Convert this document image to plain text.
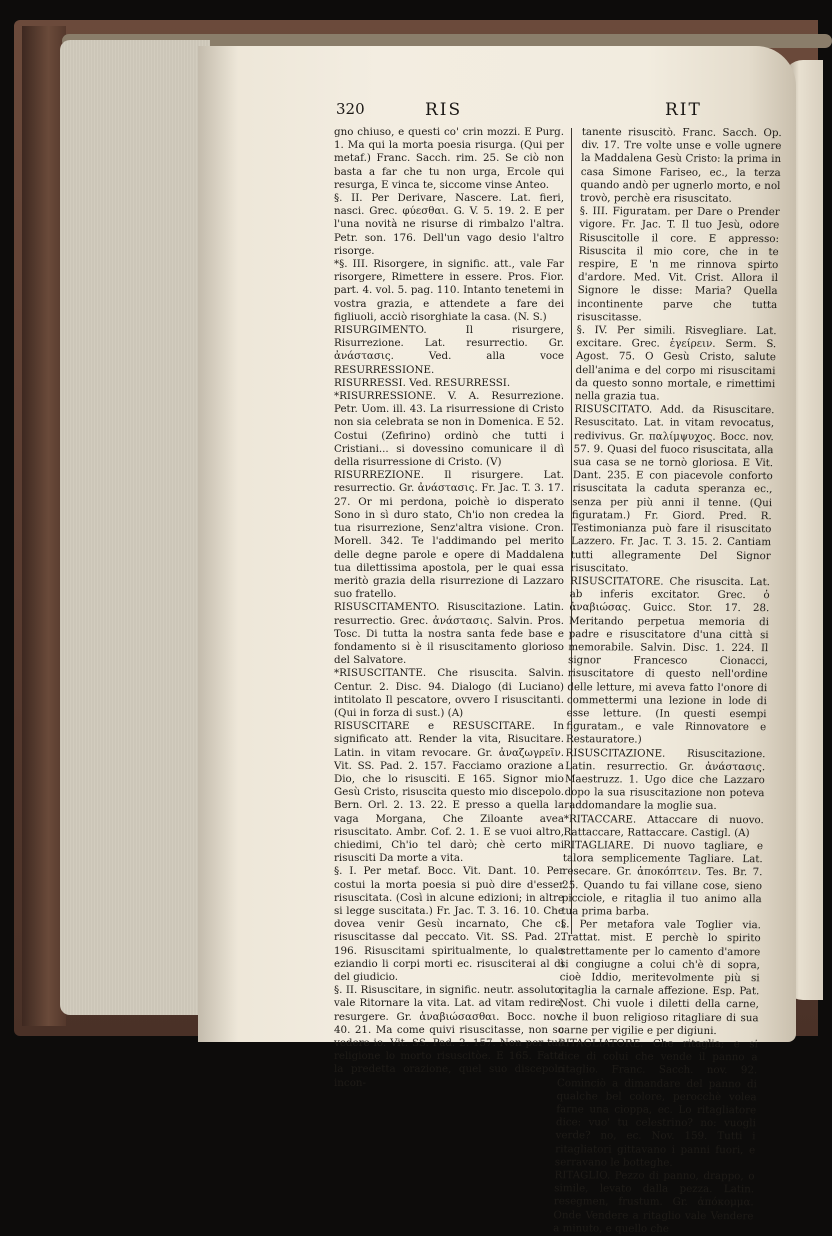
320	RIS	RIT

gno chiuso, e questi co' crin mozzi. E Purg. 1. Ma qui la morta poesia risurga. (Qui per metaf.) Franc. Sacch. rim. 25. Se ciò non basta a far che tu non urga, Ercole qui resurga, E vinca te, siccome vinse Anteo.

§. II. Per Derivare, Nascere. Lat. fieri, nasci. Grec. φύεσθαι. G. V. 5. 19. 2. E per l'una novità ne risurse di rimbalzo l'altra. Petr. son. 176. Dell'un vago desio l'altro risorge.

*§. III. Risorgere, in signific. att., vale Far risorgere, Rimettere in essere. Pros. Fior. part. 4. vol. 5. pag. 110. Intanto tenetemi in vostra grazia, e attendete a fare dei figliuoli, acciò risorghiate la casa. (N. S.)

RISURGIMENTO. Il risurgere, Risurrezione. Lat. resurrectio. Gr. ἀνάστασις. Ved. alla voce RESURRESSIONE.

RISURRESSI. Ved. RESURRESSI.

*RISURRESSIONE. V. A. Resurrezione. Petr. Uom. ill. 43. La risurressione di Cristo non sia celebrata se non in Domenica. E 52. Costui (Zefirino) ordinò che tutti i Cristiani... si dovessino comunicare il dì della risurressione di Cristo. (V)

RISURREZIONE. Il risurgere. Lat. resurrectio. Gr. ἀνάστασις. Fr. Jac. T. 3. 17. 27. Or mi perdona, poichè io disperato Sono in sì duro stato, Ch'io non credea la tua risurrezione, Senz'altra visione. Cron. Morell. 342. Te l'addimando pel merito delle degne parole e opere di Maddalena tua dilettissima apostola, per le quai essa meritò grazia della risurrezione di Lazzaro suo fratello.

RISUSCITAMENTO. Risuscitazione. Latin. resurrectio. Grec. ἀνάστασις. Salvin. Pros. Tosc. Di tutta la nostra santa fede base e fondamento si è il risuscitamento glorioso del Salvatore.

*RISUSCITANTE. Che risuscita. Salvin. Centur. 2. Disc. 94. Dialogo (di Luciano) intitolato Il pescatore, ovvero I risuscitanti. (Qui in forza di sust.) (A)

RISUSCITARE e RESUSCITARE. In significato att. Render la vita, Risucitare. Latin. in vitam revocare. Gr. ἀναζωγρεῖν. Vit. SS. Pad. 2. 157. Facciamo orazione a Dio, che lo risusciti. E 165. Signor mio Gesù Cristo, risuscita questo mio discepolo. Bern. Orl. 2. 13. 22. E presso a quella la vaga Morgana, Che Ziloante avea risuscitato. Ambr. Cof. 2. 1. E se vuoi altro, chiedimi, Ch'io tel darò; chè certo mi risusciti Da morte a vita.

§. I. Per metaf. Bocc. Vit. Dant. 10. Per costui la morta poesia si può dire d'esser risuscitata. (Così in alcune edizioni; in altre si legge suscitata.) Fr. Jac. T. 3. 16. 10. Che dovea venir Gesù incarnato, Che ci risuscitasse dal peccato. Vit. SS. Pad. 2. 196. Risuscitami spiritualmente, lo quale eziandio li corpi morti ec. risusciterai al dì del giudicio.

§. II. Risuscitare, in signific. neutr. assoluto, vale Ritornare la vita. Lat. ad vitam redire, resurgere. Gr. ἀναβιώσασθαι. Bocc. nov. 40. 21. Ma come quivi risuscitasse, non so vedere io. Vit. SS. Pad. 2. 157. Non per tua religione lo morto risuscitòe. E 165. Fatta la predetta orazione, quel suo discepolo incon-

tanente risuscitò. Franc. Sacch. Op. div. 17. Tre volte unse e volle ugnere la Maddalena Gesù Cristo: la prima in casa Simone Fariseo, ec., la terza quando andò per ugnerlo morto, e nol trovò, perchè era risuscitato.

§. III. Figuratam. per Dare o Prender vigore. Fr. Jac. T. Il tuo Jesù, odore Risuscitolle il core. E appresso: Risuscita il mio core, che in te respire, E 'n me rinnova spirto d'ardore. Med. Vit. Crist. Allora il Signore le disse: Maria? Quella incontinente parve che tutta risuscitasse.

§. IV. Per simili. Risvegliare. Lat. excitare. Grec. ἐγείρειν. Serm. S. Agost. 75. O Gesù Cristo, salute dell'anima e del corpo mi risuscitami da questo sonno mortale, e rimettimi nella grazia tua.

RISUSCITATO. Add. da Risuscitare. Resuscitato. Lat. in vitam revocatus, redivivus. Gr. παλίμψυχος. Bocc. nov. 57. 9. Quasi del fuoco risuscitata, alla sua casa se ne tornò gloriosa. E Vit. Dant. 235. E con piacevole conforto risuscitata la caduta speranza ec., senza per più anni il tenne. (Qui figuratam.) Fr. Giord. Pred. R. Testimonianza può fare il risuscitato Lazzero. Fr. Jac. T. 3. 15. 2. Cantiam tutti allegramente Del Signor risuscitato.

RISUSCITATORE. Che risuscita. Lat. ab inferis excitator. Grec. ὁ ἀναβιώσας. Guicc. Stor. 17. 28. Meritando perpetua memoria di padre e risuscitatore d'una città si memorabile. Salvin. Disc. 1. 224. Il signor Francesco Cionacci, risuscitatore di questo nell'ordine delle letture, mi aveva fatto l'onore di commettermi una lezione in lode di esse letture. (In questi esempi figuratam., e vale Rinnovatore e Restauratore.)

RISUSCITAZIONE. Risuscitazione. Latin. resurrectio. Gr. ἀνάστασις. Maestruzz. 1. Ugo dice che Lazzaro dopo la sua risuscitazione non poteva raddomandare la moglie sua.

*RITACCARE. Attaccare di nuovo. Rattaccare, Rattaccare. Castigl. (A)

RITAGLIARE. Di nuovo tagliare, e talora semplicemente Tagliare. Lat. resecare. Gr. ἀποκόπτειν. Tes. Br. 7. 25. Quando tu fai villane cose, sieno picciole, e ritaglia il tuo animo alla tua prima barba.

§. Per metafora vale Toglier via. Trattat. mist. E perchè lo spirito strettamente per lo camento d'amore si congiugne a colui ch'è di sopra, cioè Iddio, meritevolmente più si ritaglia la carnale affezione. Esp. Pat. Nost. Chi vuole i diletti della carne, che il buon religioso ritagliare di sua carne per vigilie e per digiuni.

RITAGLIATORE. Che ritaglia; e si dice di colui che vende il panno a ritaglio. Franc. Sacch. nov. 92. Cominciò a dimandare del panno di qualche bel colore, perocchè volea farne una cioppa, ec. Lo ritagliatore dice: vuo' tu celestrino? no: vuogli verde? no, ec. Nov. 159. Tutti i ritagliatori gittavano i panni fuori, e serravano le botteghe.

RITAGLIO. Pezzo di panno, drappo, o simile, levato dalla pezza. Latin. resegmen, frustum. Gr. ἀπόκομμα. Onde Vendere a ritaglio vale Vendere a minuto, e quello che
